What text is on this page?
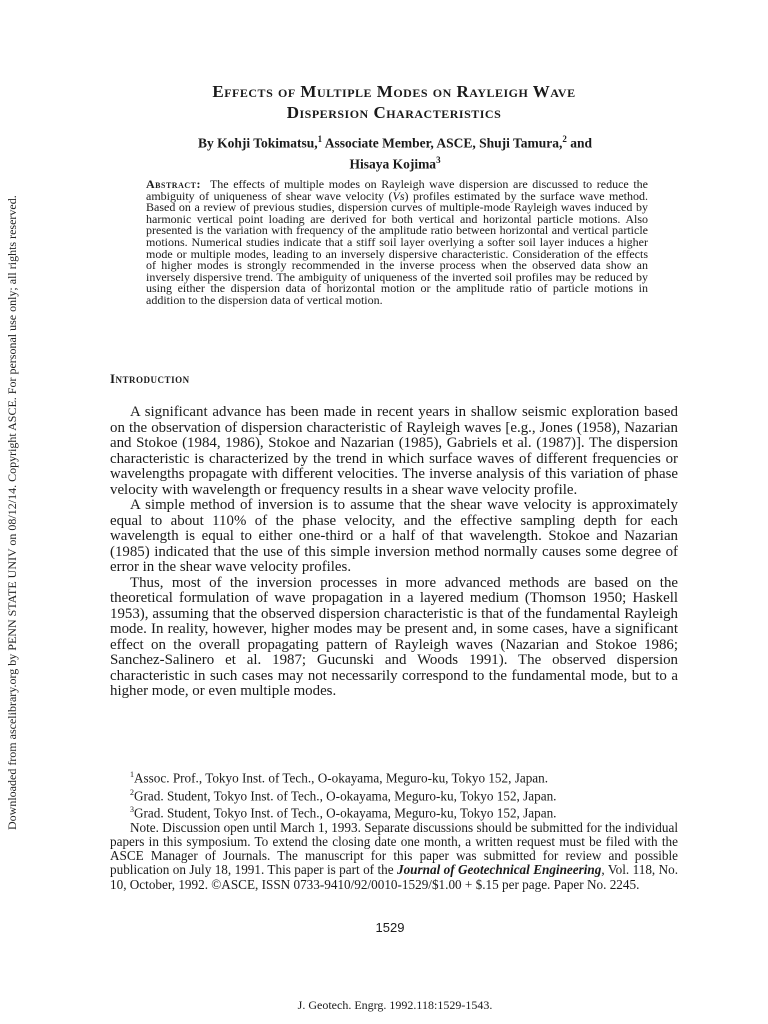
Downloaded from ascelibrary.org by PENN STATE UNIV on 08/12/14. Copyright ASCE. For personal use only; all rights reserved.
Effects of Multiple Modes on Rayleigh Wave
Dispersion Characteristics
By Kohji Tokimatsu,$^1$ Associate Member, ASCE, Shuji Tamura,$^2$ and
Hisaya Kojima$^3$
Abstract: The effects of multiple modes on Rayleigh wave dispersion are discussed to reduce the ambiguity of uniqueness of shear wave velocity (Vs) profiles estimated by the surface wave method. Based on a review of previous studies, dispersion curves of multiple-mode Rayleigh waves induced by harmonic vertical point loading are derived for both vertical and horizontal particle motions. Also presented is the variation with frequency of the amplitude ratio between horizontal and vertical particle motions. Numerical studies indicate that a stiff soil layer overlying a softer soil layer induces a higher mode or multiple modes, leading to an inversely dispersive characteristic. Consideration of the effects of higher modes is strongly recommended in the inverse process when the observed data show an inversely dispersive trend. The ambiguity of uniqueness of the inverted soil profiles may be reduced by using either the dispersion data of horizontal motion or the amplitude ratio of particle motions in addition to the dispersion data of vertical motion.
Introduction

A significant advance has been made in recent years in shallow seismic exploration based on the observation of dispersion characteristic of Rayleigh waves [e.g., Jones (1958), Nazarian and Stokoe (1984, 1986), Stokoe and Nazarian (1985), Gabriels et al. (1987)]. The dispersion characteristic is characterized by the trend in which surface waves of different frequencies or wavelengths propagate with different velocities. The inverse analysis of this variation of phase velocity with wavelength or frequency results in a shear wave velocity profile.

A simple method of inversion is to assume that the shear wave velocity is approximately equal to about 110% of the phase velocity, and the effective sampling depth for each wavelength is equal to either one-third or a half of that wavelength. Stokoe and Nazarian (1985) indicated that the use of this simple inversion method normally causes some degree of error in the shear wave velocity profiles.

Thus, most of the inversion processes in more advanced methods are based on the theoretical formulation of wave propagation in a layered medium (Thomson 1950; Haskell 1953), assuming that the observed dispersion characteristic is that of the fundamental Rayleigh mode. In reality, however, higher modes may be present and, in some cases, have a significant effect on the overall propagating pattern of Rayleigh waves (Nazarian and Stokoe 1986; Sanchez-Salinero et al. 1987; Gucunski and Woods 1991). The observed dispersion characteristic in such cases may not necessarily correspond to the fundamental mode, but to a higher mode, or even multiple modes.

$^1$Assoc. Prof., Tokyo Inst. of Tech., O-okayama, Meguro-ku, Tokyo 152, Japan.

$^2$Grad. Student, Tokyo Inst. of Tech., O-okayama, Meguro-ku, Tokyo 152, Japan.

$^3$Grad. Student, Tokyo Inst. of Tech., O-okayama, Meguro-ku, Tokyo 152, Japan.

Note. Discussion open until March 1, 1993. Separate discussions should be submitted for the individual papers in this symposium. To extend the closing date one month, a written request must be filed with the ASCE Manager of Journals. The manuscript for this paper was submitted for review and possible publication on July 18, 1991. This paper is part of the Journal of Geotechnical Engineering, Vol. 118, No. 10, October, 1992. ©ASCE, ISSN 0733-9410/92/0010-1529/$1.00 + $.15 per page. Paper No. 2245.

1529
J. Geotech. Engrg. 1992.118:1529-1543.
